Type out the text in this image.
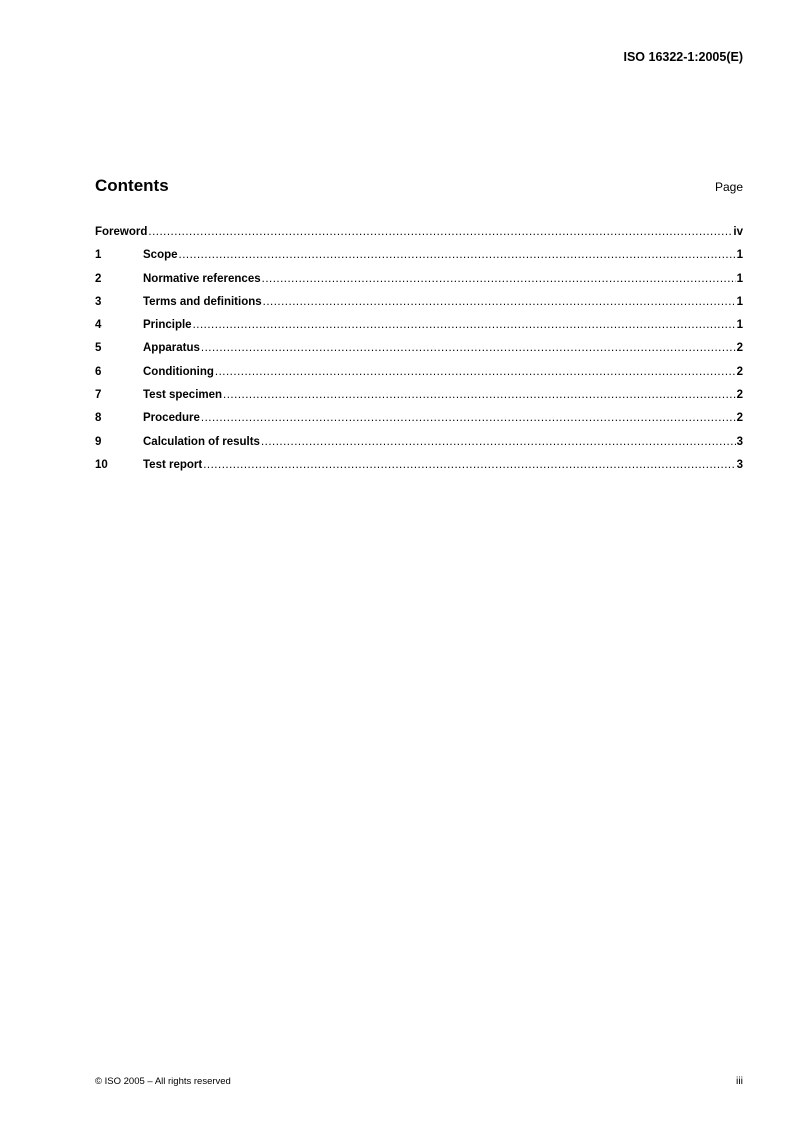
ISO 16322-1:2005(E)
Contents	Page
Foreword .....	iv
1	Scope .....	1
2	Normative references .....	1
3	Terms and definitions .....	1
4	Principle .....	1
5	Apparatus .....	2
6	Conditioning .....	2
7	Test specimen .....	2
8	Procedure .....	2
9	Calculation of results .....	3
10	Test report .....	3
© ISO 2005 – All rights reserved	iii
